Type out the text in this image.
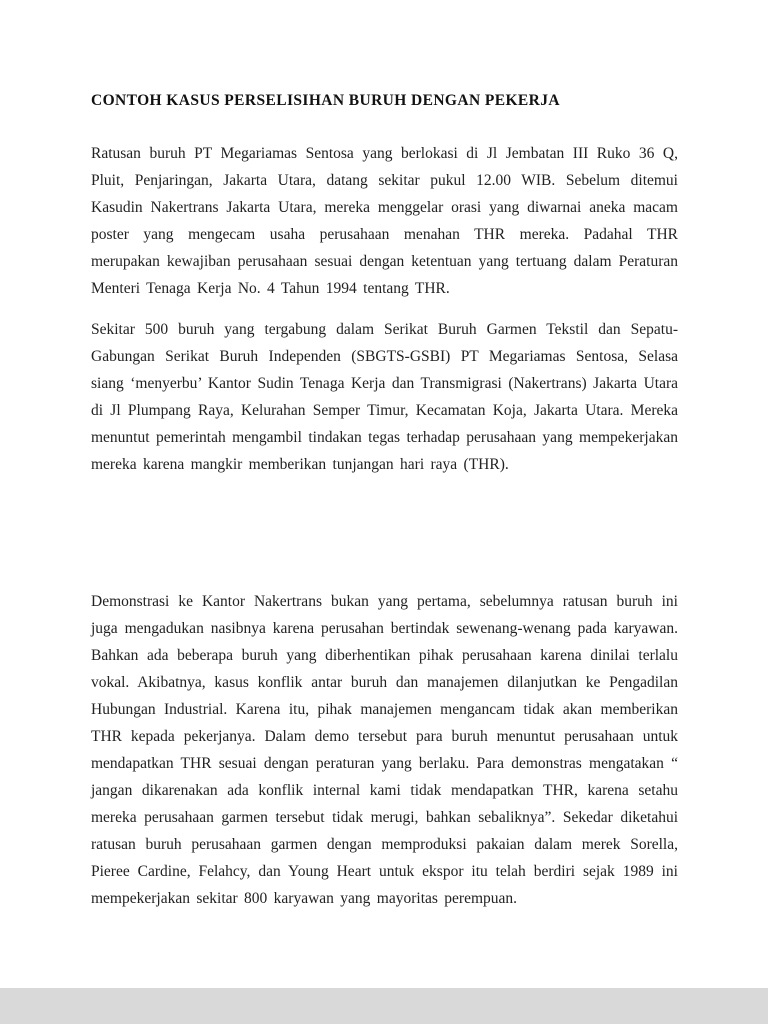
CONTOH KASUS PERSELISIHAN BURUH DENGAN PEKERJA

Ratusan buruh PT Megariamas Sentosa yang berlokasi di Jl Jembatan III Ruko 36 Q, Pluit, Penjaringan, Jakarta Utara, datang sekitar pukul 12.00 WIB. Sebelum ditemui Kasudin Nakertrans Jakarta Utara, mereka menggelar orasi yang diwarnai aneka macam poster yang mengecam usaha perusahaan menahan THR mereka. Padahal THR merupakan kewajiban perusahaan sesuai dengan ketentuan yang tertuang dalam Peraturan Menteri Tenaga Kerja No. 4 Tahun 1994 tentang THR.

Sekitar 500 buruh yang tergabung dalam Serikat Buruh Garmen Tekstil dan Sepatu-Gabungan Serikat Buruh Independen (SBGTS-GSBI) PT Megariamas Sentosa, Selasa siang ‘menyerbu’ Kantor Sudin Tenaga Kerja dan Transmigrasi (Nakertrans) Jakarta Utara di Jl Plumpang Raya, Kelurahan Semper Timur, Kecamatan Koja, Jakarta Utara. Mereka menuntut pemerintah mengambil tindakan tegas terhadap perusahaan yang mempekerjakan mereka karena mangkir memberikan tunjangan hari raya (THR).

Demonstrasi ke Kantor Nakertrans bukan yang pertama, sebelumnya ratusan buruh ini juga mengadukan nasibnya karena perusahan bertindak sewenang-wenang pada karyawan. Bahkan ada beberapa buruh yang diberhentikan pihak perusahaan karena dinilai terlalu vokal. Akibatnya, kasus konflik antar buruh dan manajemen dilanjutkan ke Pengadilan Hubungan Industrial. Karena itu, pihak manajemen mengancam tidak akan memberikan THR kepada pekerjanya. Dalam demo tersebut para buruh menuntut perusahaan untuk mendapatkan THR sesuai dengan peraturan yang berlaku. Para demonstras mengatakan “ jangan dikarenakan ada konflik internal kami tidak mendapatkan THR, karena setahu mereka perusahaan garmen tersebut tidak merugi, bahkan sebaliknya”. Sekedar diketahui ratusan buruh perusahaan garmen dengan memproduksi pakaian dalam merek Sorella, Pieree Cardine, Felahcy, dan Young Heart untuk ekspor itu telah berdiri sejak 1989 ini mempekerjakan sekitar 800 karyawan yang mayoritas perempuan.
